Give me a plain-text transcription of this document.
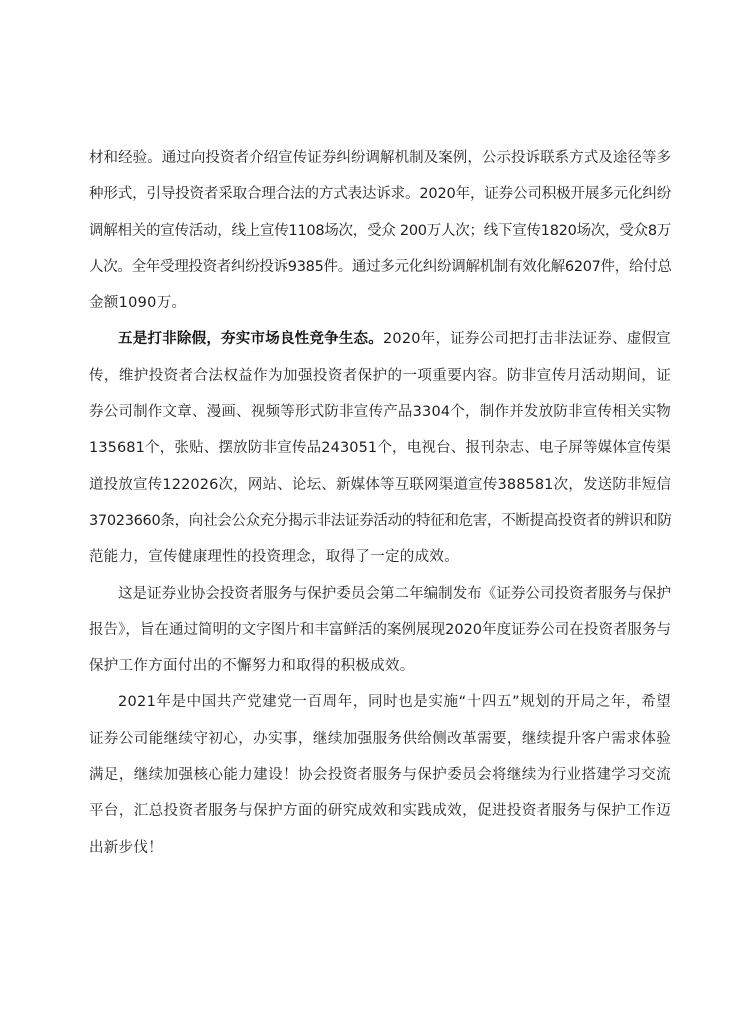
材和经验。通过向投资者介绍宣传证券纠纷调解机制及案例，公示投诉联系方式及途径等多
种形式，引导投资者采取合理合法的方式表达诉求。2020年，证券公司积极开展多元化纠纷
调解相关的宣传活动，线上宣传1108场次，受众 200万人次；线下宣传1820场次，受众8万
人次。全年受理投资者纠纷投诉9385件。通过多元化纠纷调解机制有效化解6207件，给付总
金额1090万。
五是打非除假，夯实市场良性竞争生态。2020年，证券公司把打击非法证券、虚假宣
传，维护投资者合法权益作为加强投资者保护的一项重要内容。防非宣传月活动期间，证
券公司制作文章、漫画、视频等形式防非宣传产品3304个，制作并发放防非宣传相关实物
135681个，张贴、摆放防非宣传品243051个，电视台、报刊杂志、电子屏等媒体宣传渠
道投放宣传122026次，网站、论坛、新媒体等互联网渠道宣传388581次，发送防非短信
37023660条，向社会公众充分揭示非法证券活动的特征和危害，不断提高投资者的辨识和防
范能力，宣传健康理性的投资理念，取得了一定的成效。
这是证券业协会投资者服务与保护委员会第二年编制发布《证券公司投资者服务与保护
报告》，旨在通过简明的文字图片和丰富鲜活的案例展现2020年度证券公司在投资者服务与
保护工作方面付出的不懈努力和取得的积极成效。
2021年是中国共产党建党一百周年，同时也是实施“十四五”规划的开局之年，希望
证券公司能继续守初心，办实事，继续加强服务供给侧改革需要，继续提升客户需求体验
满足，继续加强核心能力建设！协会投资者服务与保护委员会将继续为行业搭建学习交流
平台，汇总投资者服务与保护方面的研究成效和实践成效，促进投资者服务与保护工作迈
出新步伐！
